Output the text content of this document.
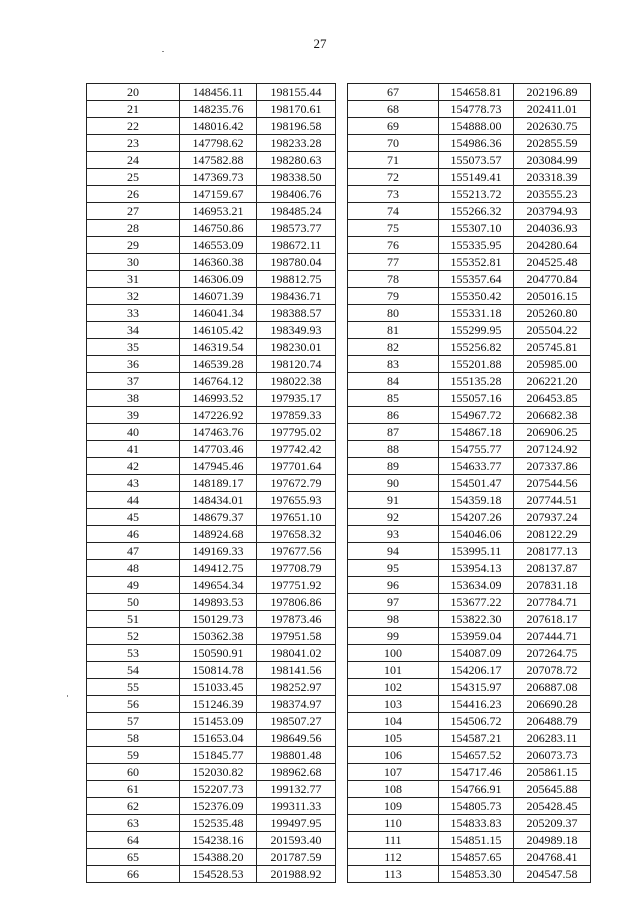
27
20	148456.11	198155.44
21	148235.76	198170.61
22	148016.42	198196.58
23	147798.62	198233.28
24	147582.88	198280.63
25	147369.73	198338.50
26	147159.67	198406.76
27	146953.21	198485.24
28	146750.86	198573.77
29	146553.09	198672.11
30	146360.38	198780.04
31	146306.09	198812.75
32	146071.39	198436.71
33	146041.34	198388.57
34	146105.42	198349.93
35	146319.54	198230.01
36	146539.28	198120.74
37	146764.12	198022.38
38	146993.52	197935.17
39	147226.92	197859.33
40	147463.76	197795.02
41	147703.46	197742.42
42	147945.46	197701.64
43	148189.17	197672.79
44	148434.01	197655.93
45	148679.37	197651.10
46	148924.68	197658.32
47	149169.33	197677.56
48	149412.75	197708.79
49	149654.34	197751.92
50	149893.53	197806.86
51	150129.73	197873.46
52	150362.38	197951.58
53	150590.91	198041.02
54	150814.78	198141.56
55	151033.45	198252.97
56	151246.39	198374.97
57	151453.09	198507.27
58	151653.04	198649.56
59	151845.77	198801.48
60	152030.82	198962.68
61	152207.73	199132.77
62	152376.09	199311.33
63	152535.48	199497.95
64	154238.16	201593.40
65	154388.20	201787.59
66	154528.53	201988.92
67	154658.81	202196.89
68	154778.73	202411.01
69	154888.00	202630.75
70	154986.36	202855.59
71	155073.57	203084.99
72	155149.41	203318.39
73	155213.72	203555.23
74	155266.32	203794.93
75	155307.10	204036.93
76	155335.95	204280.64
77	155352.81	204525.48
78	155357.64	204770.84
79	155350.42	205016.15
80	155331.18	205260.80
81	155299.95	205504.22
82	155256.82	205745.81
83	155201.88	205985.00
84	155135.28	206221.20
85	155057.16	206453.85
86	154967.72	206682.38
87	154867.18	206906.25
88	154755.77	207124.92
89	154633.77	207337.86
90	154501.47	207544.56
91	154359.18	207744.51
92	154207.26	207937.24
93	154046.06	208122.29
94	153995.11	208177.13
95	153954.13	208137.87
96	153634.09	207831.18
97	153677.22	207784.71
98	153822.30	207618.17
99	153959.04	207444.71
100	154087.09	207264.75
101	154206.17	207078.72
102	154315.97	206887.08
103	154416.23	206690.28
104	154506.72	206488.79
105	154587.21	206283.11
106	154657.52	206073.73
107	154717.46	205861.15
108	154766.91	205645.88
109	154805.73	205428.45
110	154833.83	205209.37
111	154851.15	204989.18
112	154857.65	204768.41
113	154853.30	204547.58
